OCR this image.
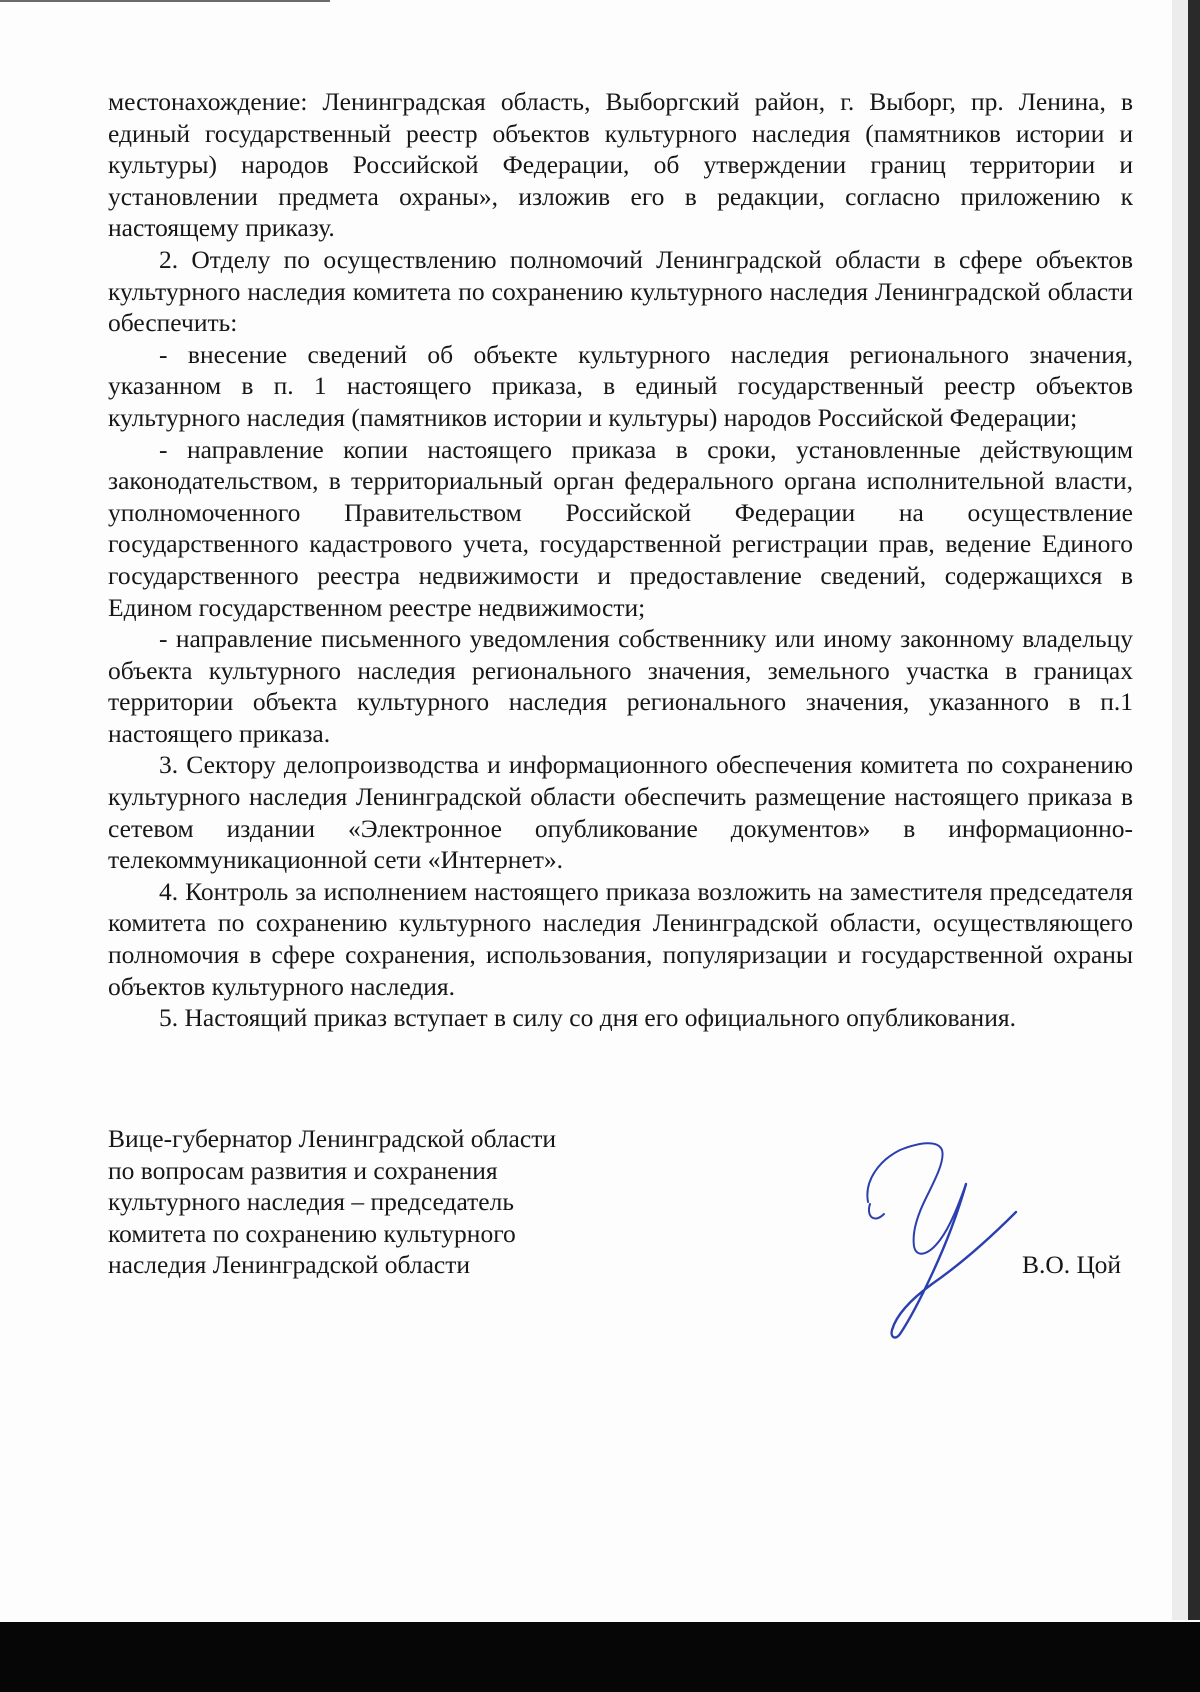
местонахождение: Ленинградская область, Выборгский район, г. Выборг, пр. Ленина, в единый государственный реестр объектов культурного наследия (памятников истории и культуры) народов Российской Федерации, об утверждении границ территории и установлении предмета охраны», изложив его в редакции, согласно приложению к настоящему приказу.

2. Отделу по осуществлению полномочий Ленинградской области в сфере объектов культурного наследия комитета по сохранению культурного наследия Ленинградской области обеспечить:

- внесение сведений об объекте культурного наследия регионального значения, указанном в п. 1 настоящего приказа, в единый государственный реестр объектов культурного наследия (памятников истории и культуры) народов Российской Федерации;

- направление копии настоящего приказа в сроки, установленные действующим законодательством, в территориальный орган федерального органа исполнительной власти, уполномоченного Правительством Российской Федерации на осуществление государственного кадастрового учета, государственной регистрации прав, ведение Единого государственного реестра недвижимости и предоставление сведений, содержащихся в Едином государственном реестре недвижимости;

- направление письменного уведомления собственнику или иному законному владельцу объекта культурного наследия регионального значения, земельного участка в границах территории объекта культурного наследия регионального значения, указанного в п.1 настоящего приказа.

3. Сектору делопроизводства и информационного обеспечения комитета по сохранению культурного наследия Ленинградской области обеспечить размещение настоящего приказа в сетевом издании «Электронное опубликование документов» в информационно-телекоммуникационной сети «Интернет».

4. Контроль за исполнением настоящего приказа возложить на заместителя председателя комитета по сохранению культурного наследия Ленинградской области, осуществляющего полномочия в сфере сохранения, использования, популяризации и государственной охраны объектов культурного наследия.

5. Настоящий приказ вступает в силу со дня его официального опубликования.

Вице-губернатор Ленинградской области
по вопросам развития и сохранения
культурного наследия – председатель
комитета по сохранению культурного
наследия Ленинградской области	В.О. Цой
